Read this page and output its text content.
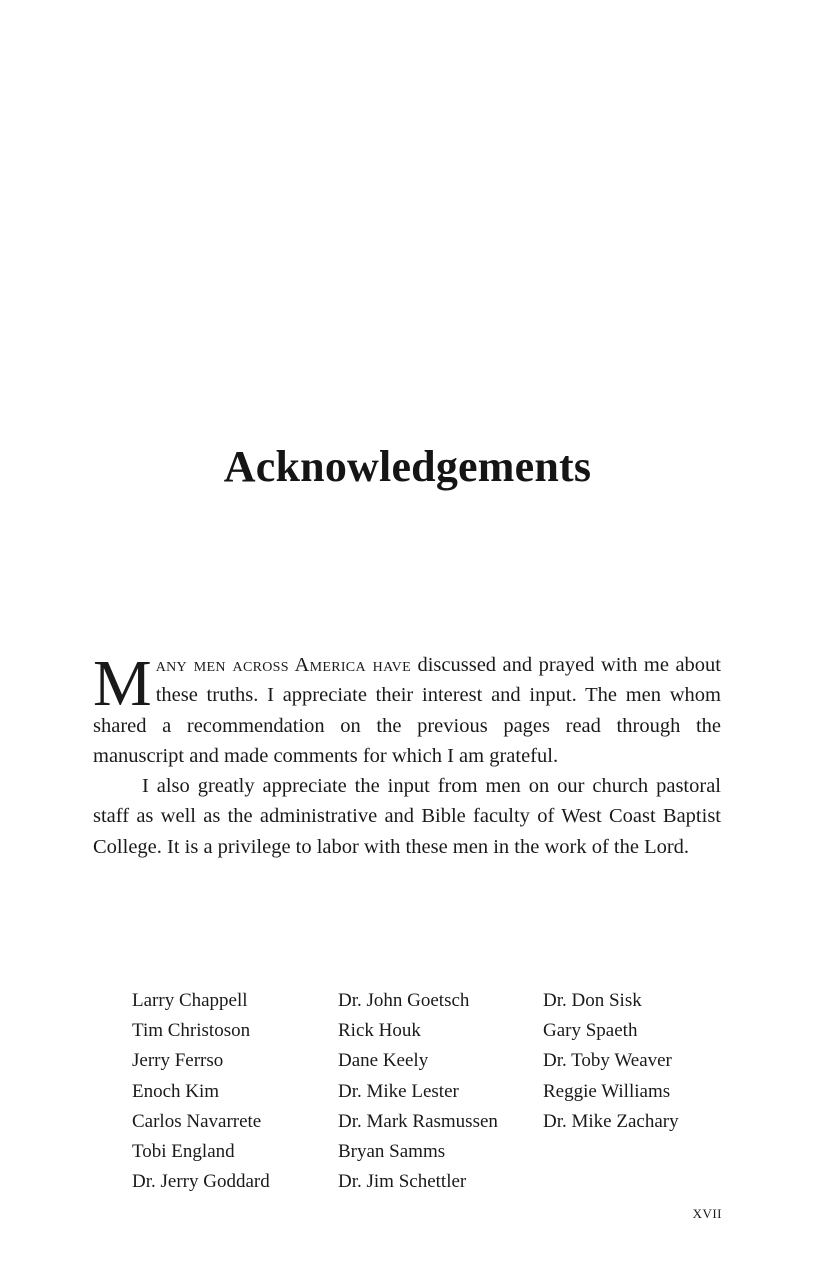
Acknowledgements

Many men across America have discussed and prayed with me about these truths. I appreciate their interest and input. The men whom shared a recommendation on the previous pages read through the manuscript and made comments for which I am grateful.

I also greatly appreciate the input from men on our church pastoral staff as well as the administrative and Bible faculty of West Coast Baptist College. It is a privilege to labor with these men in the work of the Lord.

Larry Chappell
Tim Christoson
Jerry Ferrso
Enoch Kim
Carlos Navarrete
Tobi England
Dr. Jerry Goddard
Dr. John Goetsch
Rick Houk
Dane Keely
Dr. Mike Lester
Dr. Mark Rasmussen
Bryan Samms
Dr. Jim Schettler
Dr. Don Sisk
Gary Spaeth
Dr. Toby Weaver
Reggie Williams
Dr. Mike Zachary
XVII
